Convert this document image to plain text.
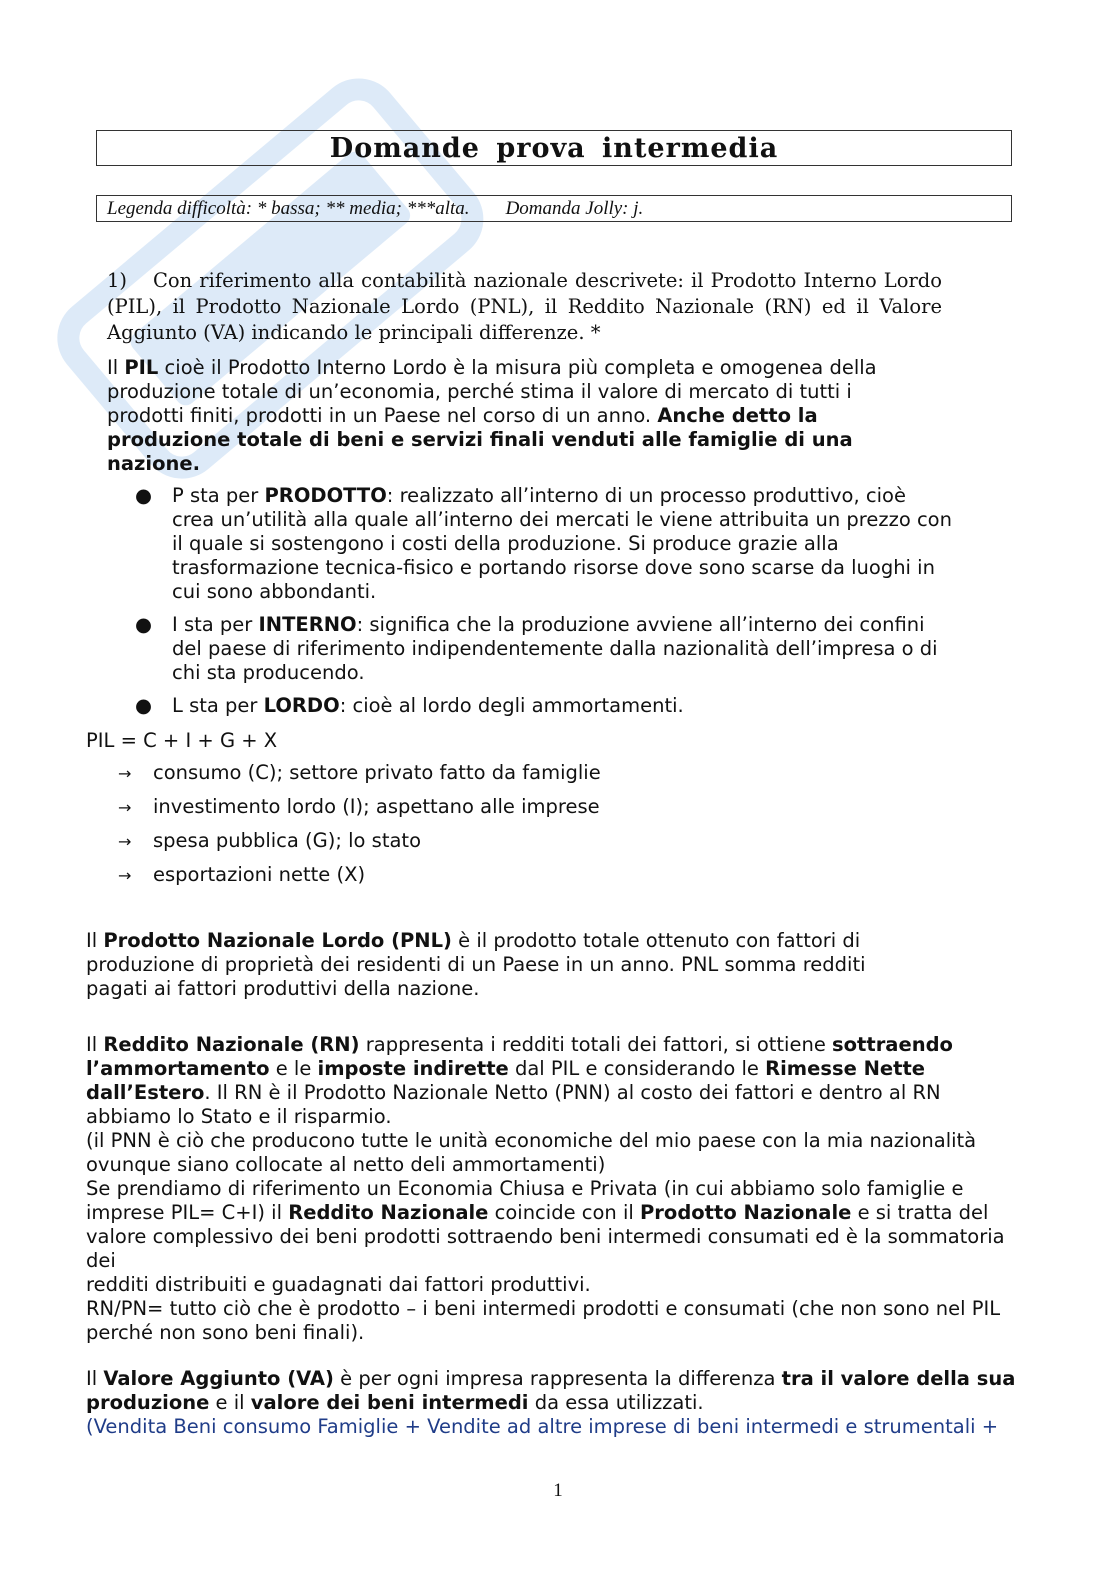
Domande prova intermedia
Legenda difficoltà: * bassa; ** media; ***alta. Domanda Jolly: j.
1) Con riferimento alla contabilità nazionale descrivete: il Prodotto Interno Lordo (PIL), il Prodotto Nazionale Lordo (PNL), il Reddito Nazionale (RN) ed il Valore Aggiunto (VA) indicando le principali differenze. *
Il PIL cioè il Prodotto Interno Lordo è la misura più completa e omogenea della produzione totale di un’economia, perché stima il valore di mercato di tutti i prodotti finiti, prodotti in un Paese nel corso di un anno. Anche detto la produzione totale di beni e servizi finali venduti alle famiglie di una nazione.
● P sta per PRODOTTO: realizzato all’interno di un processo produttivo, cioè crea un’utilità alla quale all’interno dei mercati le viene attribuita un prezzo con il quale si sostengono i costi della produzione. Si produce grazie alla trasformazione tecnica-fisico e portando risorse dove sono scarse da luoghi in cui sono abbondanti.
● I sta per INTERNO: significa che la produzione avviene all’interno dei confini del paese di riferimento indipendentemente dalla nazionalità dell’impresa o di chi sta producendo.
● L sta per LORDO: cioè al lordo degli ammortamenti.
PIL = C + I + G + X
→ consumo (C); settore privato fatto da famiglie
→ investimento lordo (I); aspettano alle imprese
→ spesa pubblica (G); lo stato
→ esportazioni nette (X)
Il Prodotto Nazionale Lordo (PNL) è il prodotto totale ottenuto con fattori di produzione di proprietà dei residenti di un Paese in un anno. PNL somma redditi pagati ai fattori produttivi della nazione.
Il Reddito Nazionale (RN) rappresenta i redditi totali dei fattori, si ottiene sottraendo l’ammortamento e le imposte indirette dal PIL e considerando le Rimesse Nette dall’Estero. Il RN è il Prodotto Nazionale Netto (PNN) al costo dei fattori e dentro al RN abbiamo lo Stato e il risparmio.
(il PNN è ciò che producono tutte le unità economiche del mio paese con la mia nazionalità ovunque siano collocate al netto deli ammortamenti)
Se prendiamo di riferimento un Economia Chiusa e Privata (in cui abbiamo solo famiglie e imprese PIL= C+I) il Reddito Nazionale coincide con il Prodotto Nazionale e si tratta del valore complessivo dei beni prodotti sottraendo beni intermedi consumati ed è la sommatoria dei
redditi distribuiti e guadagnati dai fattori produttivi.
RN/PN= tutto ciò che è prodotto – i beni intermedi prodotti e consumati (che non sono nel PIL perché non sono beni finali).
Il Valore Aggiunto (VA) è per ogni impresa rappresenta la differenza tra il valore della sua produzione e il valore dei beni intermedi da essa utilizzati.
(Vendita Beni consumo Famiglie + Vendite ad altre imprese di beni intermedi e strumentali +
1
